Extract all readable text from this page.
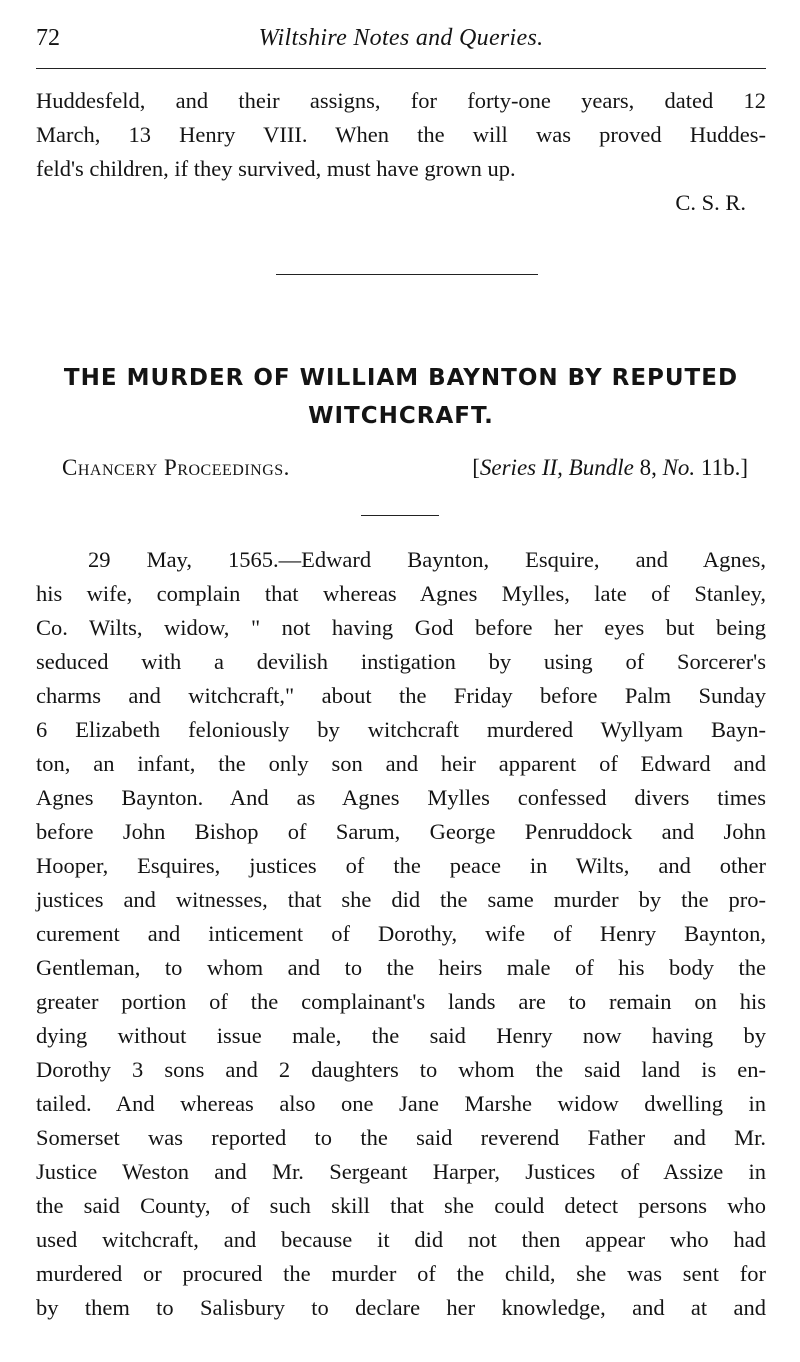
72	Wiltshire Notes and Queries.
Huddesfeld, and their assigns, for forty-one years, dated 12
March, 13 Henry VIII. When the will was proved Huddes-
feld's children, if they survived, must have grown up.
C. S. R.
THE MURDER OF WILLIAM BAYNTON BY REPUTED
WITCHCRAFT.
Chancery Proceedings.	[Series II, Bundle 8, No. 11b.]
29 May, 1565.—Edward Baynton, Esquire, and Agnes,
his wife, complain that whereas Agnes Mylles, late of Stanley,
Co. Wilts, widow, " not having God before her eyes but being
seduced with a devilish instigation by using of Sorcerer's
charms and witchcraft," about the Friday before Palm Sunday
6 Elizabeth feloniously by witchcraft murdered Wyllyam Bayn-
ton, an infant, the only son and heir apparent of Edward and
Agnes Baynton. And as Agnes Mylles confessed divers times
before John Bishop of Sarum, George Penruddock and John
Hooper, Esquires, justices of the peace in Wilts, and other
justices and witnesses, that she did the same murder by the pro-
curement and inticement of Dorothy, wife of Henry Baynton,
Gentleman, to whom and to the heirs male of his body the
greater portion of the complainant's lands are to remain on his
dying without issue male, the said Henry now having by
Dorothy 3 sons and 2 daughters to whom the said land is en-
tailed. And whereas also one Jane Marshe widow dwelling in
Somerset was reported to the said reverend Father and Mr.
Justice Weston and Mr. Sergeant Harper, Justices of Assize in
the said County, of such skill that she could detect persons who
used witchcraft, and because it did not then appear who had
murdered or procured the murder of the child, she was sent for
by them to Salisbury to declare her knowledge, and at and
